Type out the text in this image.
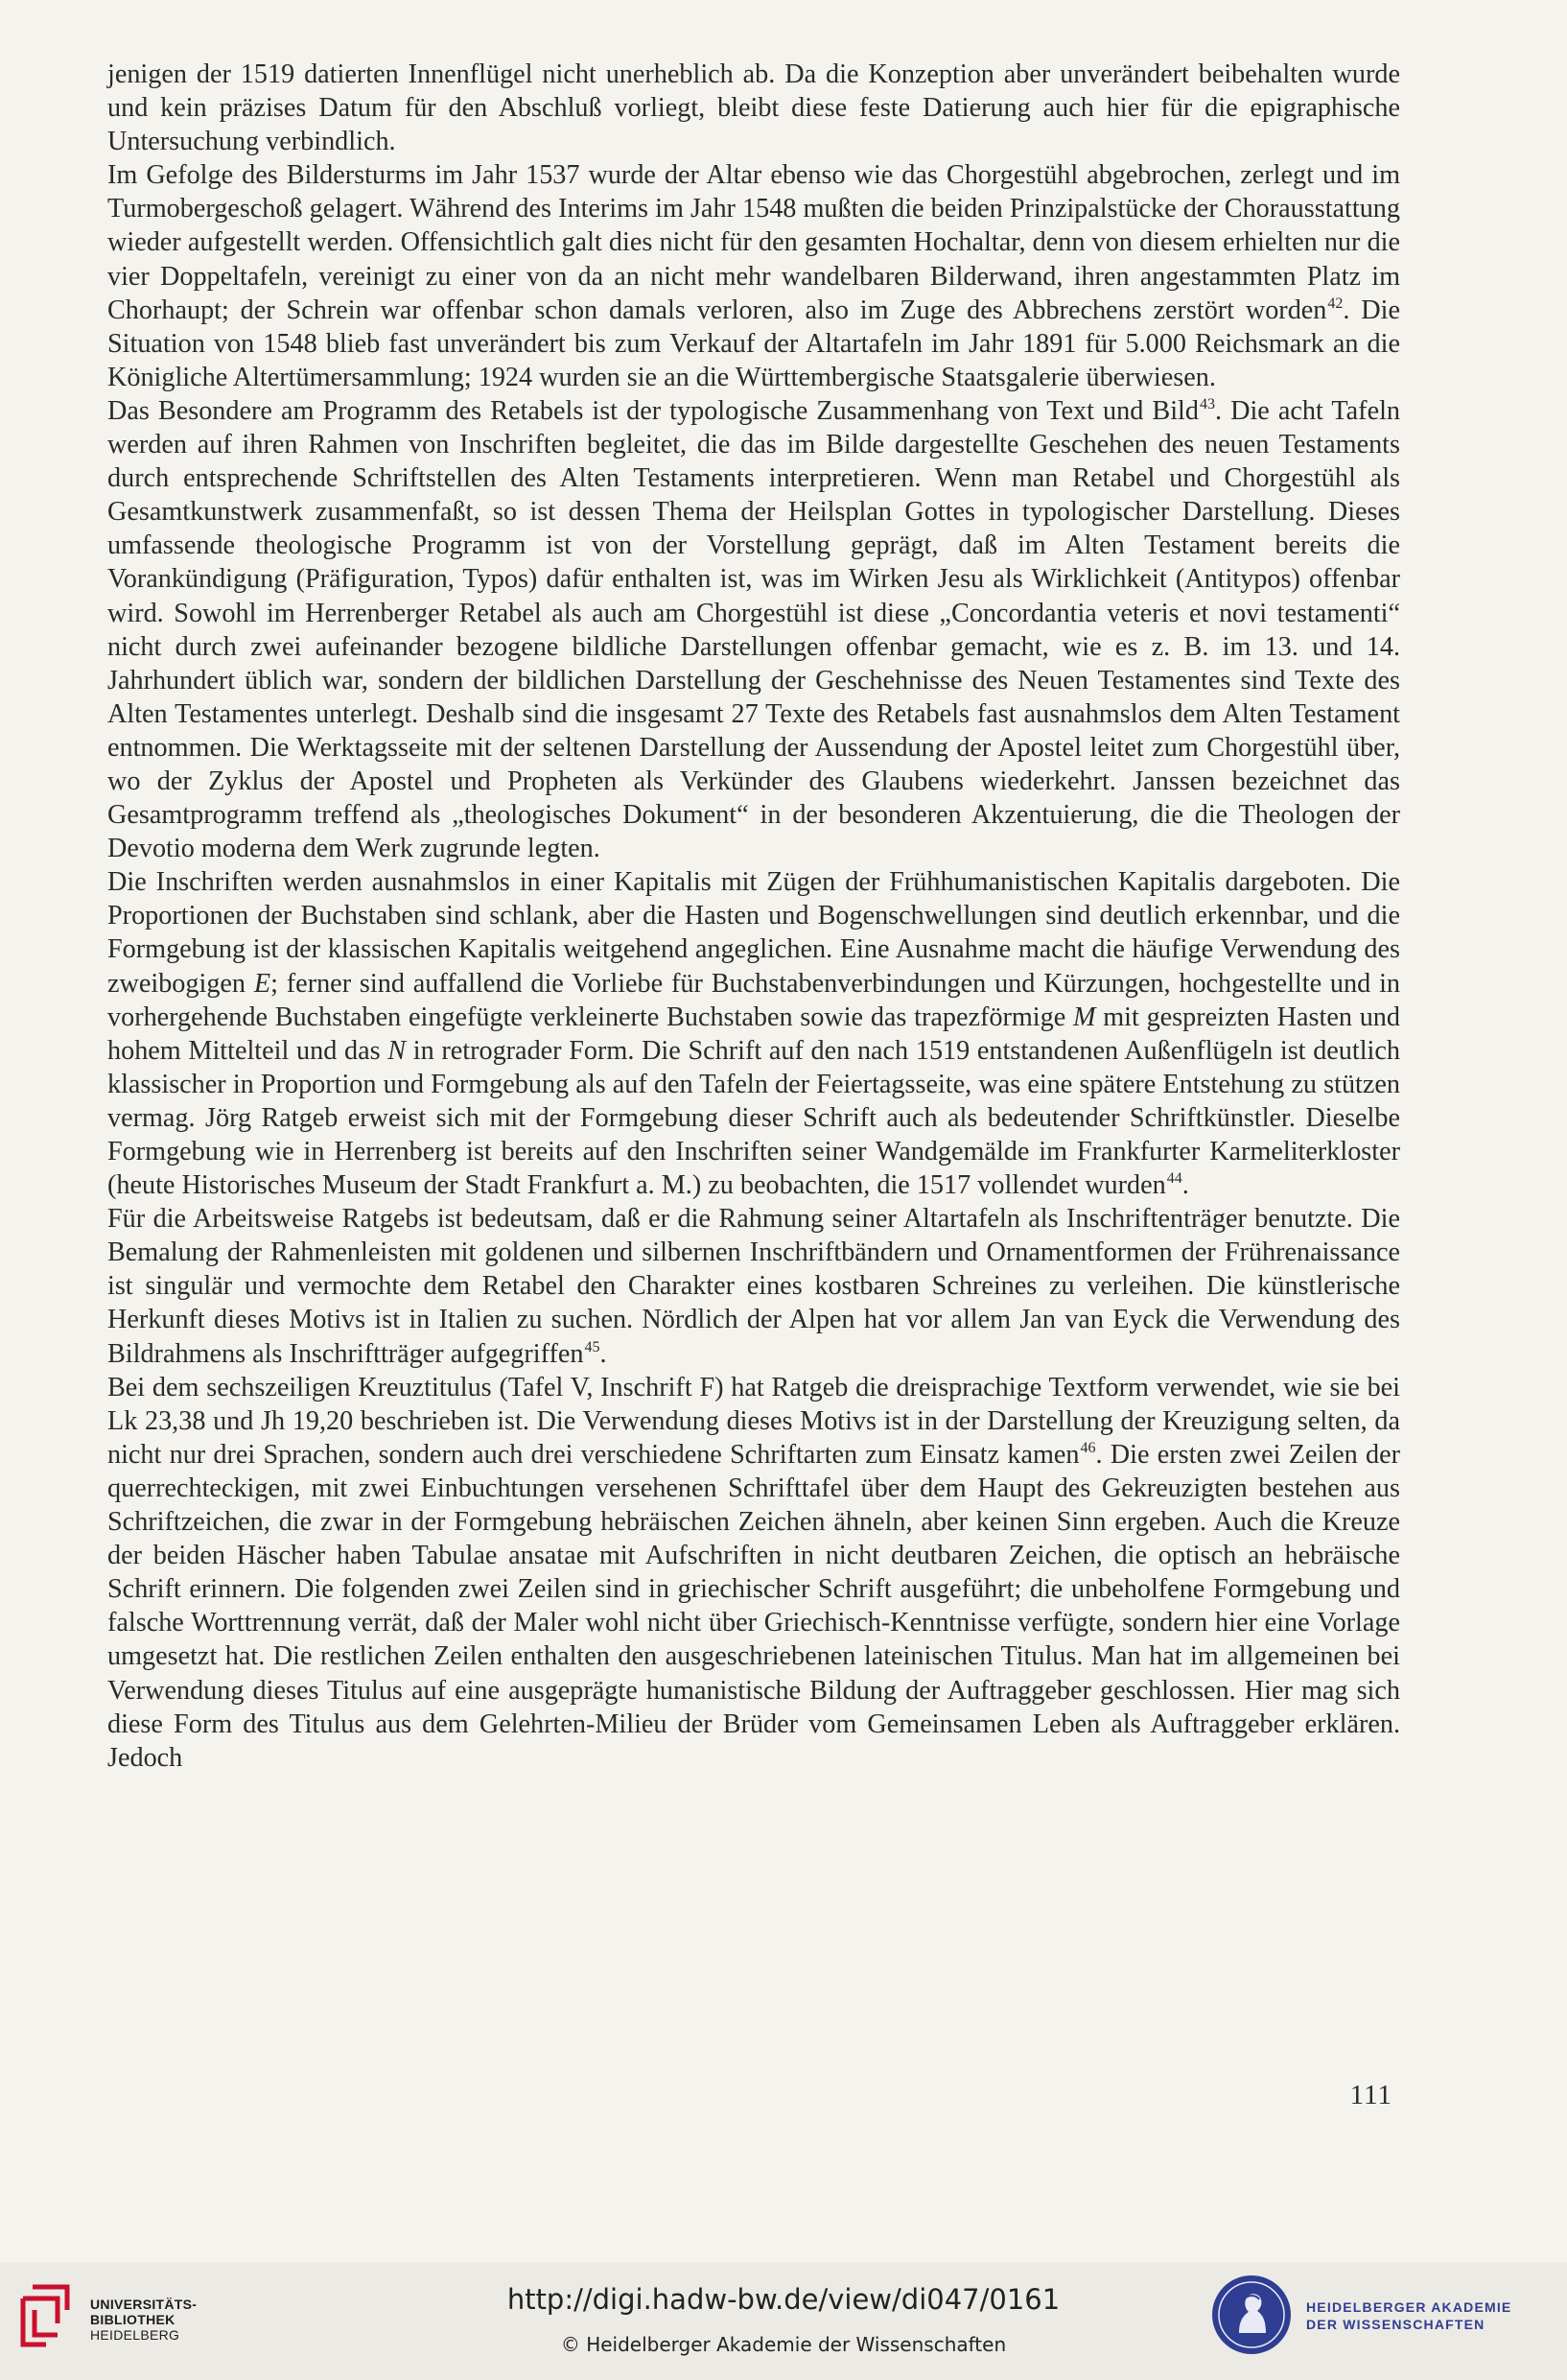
jenigen der 1519 datierten Innenflügel nicht unerheblich ab. Da die Konzeption aber unverändert beibehalten wurde und kein präzises Datum für den Abschluß vorliegt, bleibt diese feste Datierung auch hier für die epigraphische Untersuchung verbindlich.

Im Gefolge des Bildersturms im Jahr 1537 wurde der Altar ebenso wie das Chorgestühl abgebrochen, zerlegt und im Turmobergeschoß gelagert. Während des Interims im Jahr 1548 mußten die beiden Prinzipalstücke der Chorausstattung wieder aufgestellt werden. Offensichtlich galt dies nicht für den gesamten Hochaltar, denn von diesem erhielten nur die vier Doppeltafeln, vereinigt zu einer von da an nicht mehr wandelbaren Bilderwand, ihren angestammten Platz im Chorhaupt; der Schrein war offenbar schon damals verloren, also im Zuge des Abbrechens zerstört worden$^{42}$. Die Situation von 1548 blieb fast unverändert bis zum Verkauf der Altartafeln im Jahr 1891 für 5.000 Reichsmark an die Königliche Altertümersammlung; 1924 wurden sie an die Württembergische Staatsgalerie überwiesen.

Das Besondere am Programm des Retabels ist der typologische Zusammenhang von Text und Bild$^{43}$. Die acht Tafeln werden auf ihren Rahmen von Inschriften begleitet, die das im Bilde dargestellte Geschehen des neuen Testaments durch entsprechende Schriftstellen des Alten Testaments interpretieren. Wenn man Retabel und Chorgestühl als Gesamtkunstwerk zusammenfaßt, so ist dessen Thema der Heilsplan Gottes in typologischer Darstellung. Dieses umfassende theologische Programm ist von der Vorstellung geprägt, daß im Alten Testament bereits die Vorankündigung (Präfiguration, Typos) dafür enthalten ist, was im Wirken Jesu als Wirklichkeit (Antitypos) offenbar wird. Sowohl im Herrenberger Retabel als auch am Chorgestühl ist diese „Concordantia veteris et novi testamenti“ nicht durch zwei aufeinander bezogene bildliche Darstellungen offenbar gemacht, wie es z. B. im 13. und 14. Jahrhundert üblich war, sondern der bildlichen Darstellung der Geschehnisse des Neuen Testamentes sind Texte des Alten Testamentes unterlegt. Deshalb sind die insgesamt 27 Texte des Retabels fast ausnahmslos dem Alten Testament entnommen. Die Werktagsseite mit der seltenen Darstellung der Aussendung der Apostel leitet zum Chorgestühl über, wo der Zyklus der Apostel und Propheten als Verkünder des Glaubens wiederkehrt. Janssen bezeichnet das Gesamtprogramm treffend als „theologisches Dokument“ in der besonderen Akzentuierung, die die Theologen der Devotio moderna dem Werk zugrunde legten.

Die Inschriften werden ausnahmslos in einer Kapitalis mit Zügen der Frühhumanistischen Kapitalis dargeboten. Die Proportionen der Buchstaben sind schlank, aber die Hasten und Bogenschwellungen sind deutlich erkennbar, und die Formgebung ist der klassischen Kapitalis weitgehend angeglichen. Eine Ausnahme macht die häufige Verwendung des zweibogigen E; ferner sind auffallend die Vorliebe für Buchstabenverbindungen und Kürzungen, hochgestellte und in vorhergehende Buchstaben eingefügte verkleinerte Buchstaben sowie das trapezförmige M mit gespreizten Hasten und hohem Mittelteil und das N in retrograder Form. Die Schrift auf den nach 1519 entstandenen Außenflügeln ist deutlich klassischer in Proportion und Formgebung als auf den Tafeln der Feiertagsseite, was eine spätere Entstehung zu stützen vermag. Jörg Ratgeb erweist sich mit der Formgebung dieser Schrift auch als bedeutender Schriftkünstler. Dieselbe Formgebung wie in Herrenberg ist bereits auf den Inschriften seiner Wandgemälde im Frankfurter Karmeliterkloster (heute Historisches Museum der Stadt Frankfurt a. M.) zu beobachten, die 1517 vollendet wurden$^{44}$.

Für die Arbeitsweise Ratgebs ist bedeutsam, daß er die Rahmung seiner Altartafeln als Inschriftenträger benutzte. Die Bemalung der Rahmenleisten mit goldenen und silbernen Inschriftbändern und Ornamentformen der Frührenaissance ist singulär und vermochte dem Retabel den Charakter eines kostbaren Schreines zu verleihen. Die künstlerische Herkunft dieses Motivs ist in Italien zu suchen. Nördlich der Alpen hat vor allem Jan van Eyck die Verwendung des Bildrahmens als Inschriftträger aufgegriffen$^{45}$.

Bei dem sechszeiligen Kreuztitulus (Tafel V, Inschrift F) hat Ratgeb die dreisprachige Textform verwendet, wie sie bei Lk 23,38 und Jh 19,20 beschrieben ist. Die Verwendung dieses Motivs ist in der Darstellung der Kreuzigung selten, da nicht nur drei Sprachen, sondern auch drei verschiedene Schriftarten zum Einsatz kamen$^{46}$. Die ersten zwei Zeilen der querrechteckigen, mit zwei Einbuchtungen versehenen Schrifttafel über dem Haupt des Gekreuzigten bestehen aus Schriftzeichen, die zwar in der Formgebung hebräischen Zeichen ähneln, aber keinen Sinn ergeben. Auch die Kreuze der beiden Häscher haben Tabulae ansatae mit Aufschriften in nicht deutbaren Zeichen, die optisch an hebräische Schrift erinnern. Die folgenden zwei Zeilen sind in griechischer Schrift ausgeführt; die unbeholfene Formgebung und falsche Worttrennung verrät, daß der Maler wohl nicht über Griechisch-Kenntnisse verfügte, sondern hier eine Vorlage umgesetzt hat. Die restlichen Zeilen enthalten den ausgeschriebenen lateinischen Titulus. Man hat im allgemeinen bei Verwendung dieses Titulus auf eine ausgeprägte humanistische Bildung der Auftraggeber geschlossen. Hier mag sich diese Form des Titulus aus dem Gelehrten-Milieu der Brüder vom Gemeinsamen Leben als Auftraggeber erklären. Jedoch

111
UNIVERSITÄTS-
BIBLIOTHEK
HEIDELBERG
http://digi.hadw-bw.de/view/di047/0161
© Heidelberger Akademie der Wissenschaften
HEIDELBERGER AKADEMIE
DER WISSENSCHAFTEN
